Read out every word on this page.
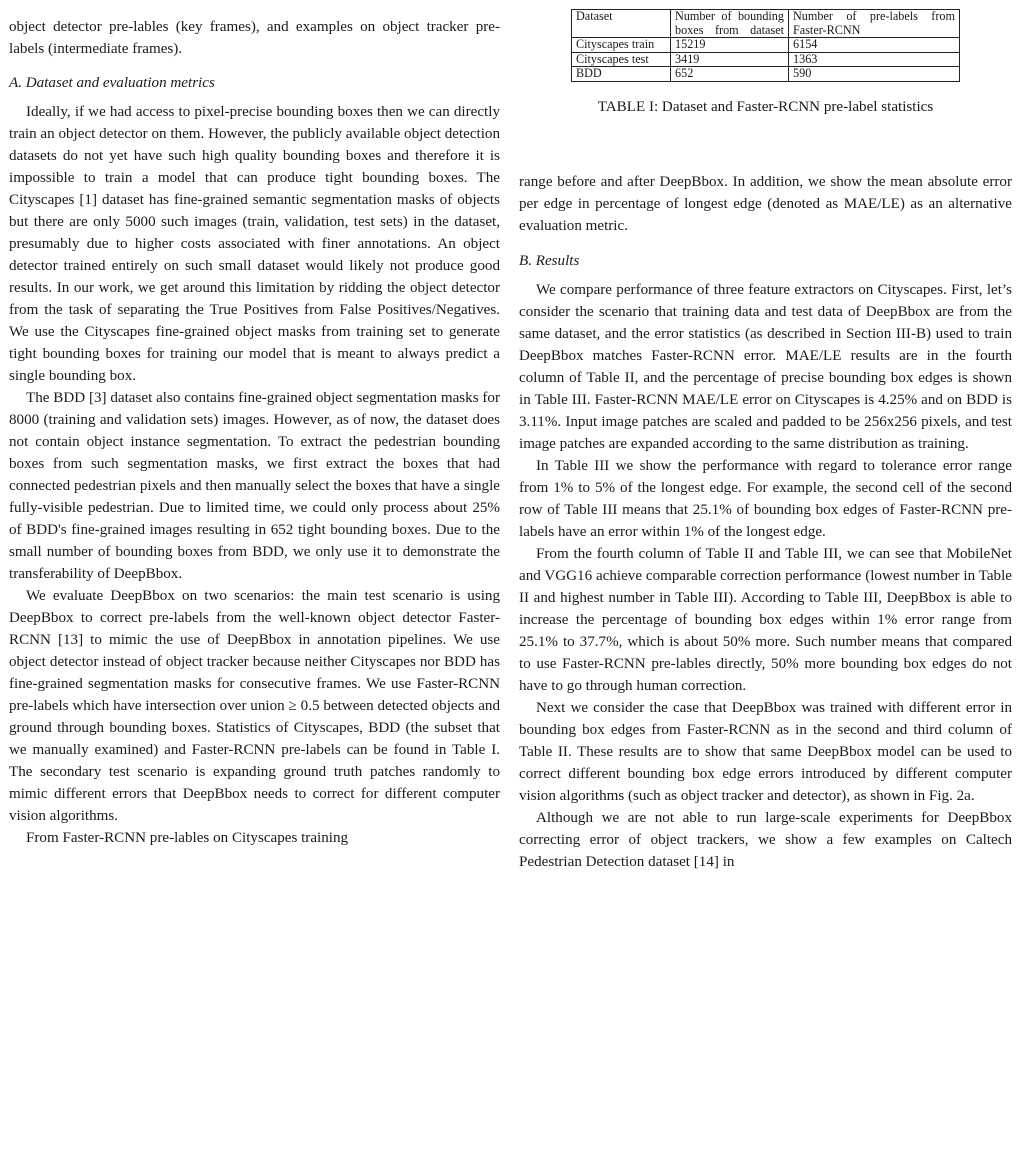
object detector pre-lables (key frames), and examples on object tracker pre-labels (intermediate frames).

A. Dataset and evaluation metrics

Ideally, if we had access to pixel-precise bounding boxes then we can directly train an object detector on them. However, the publicly available object detection datasets do not yet have such high quality bounding boxes and therefore it is impossible to train a model that can produce tight bounding boxes. The Cityscapes [1] dataset has fine-grained semantic segmentation masks of objects but there are only 5000 such images (train, validation, test sets) in the dataset, presumably due to higher costs associated with finer annotations. An object detector trained entirely on such small dataset would likely not produce good results. In our work, we get around this limitation by ridding the object detector from the task of separating the True Positives from False Positives/Negatives. We use the Cityscapes fine-grained object masks from training set to generate tight bounding boxes for training our model that is meant to always predict a single bounding box.

The BDD [3] dataset also contains fine-grained object segmentation masks for 8000 (training and validation sets) images. However, as of now, the dataset does not contain object instance segmentation. To extract the pedestrian bounding boxes from such segmentation masks, we first extract the boxes that had connected pedestrian pixels and then manually select the boxes that have a single fully-visible pedestrian. Due to limited time, we could only process about 25% of BDD's fine-grained images resulting in 652 tight bounding boxes. Due to the small number of bounding boxes from BDD, we only use it to demonstrate the transferability of DeepBbox.

We evaluate DeepBbox on two scenarios: the main test scenario is using DeepBbox to correct pre-labels from the well-known object detector Faster-RCNN [13] to mimic the use of DeepBbox in annotation pipelines. We use object detector instead of object tracker because neither Cityscapes nor BDD has fine-grained segmentation masks for consecutive frames. We use Faster-RCNN pre-labels which have intersection over union ≥ 0.5 between detected objects and ground through bounding boxes. Statistics of Cityscapes, BDD (the subset that we manually examined) and Faster-RCNN pre-labels can be found in Table I. The secondary test scenario is expanding ground truth patches randomly to mimic different errors that DeepBbox needs to correct for different computer vision algorithms.

From Faster-RCNN pre-lables on Cityscapes training

Dataset	Number of bounding boxes from dataset	Number of pre-labels from Faster-RCNN
Cityscapes train	15219	6154
Cityscapes test	3419	1363
BDD	652	590
TABLE I: Dataset and Faster-RCNN pre-label statistics

range before and after DeepBbox. In addition, we show the mean absolute error per edge in percentage of longest edge (denoted as MAE/LE) as an alternative evaluation metric.

B. Results

We compare performance of three feature extractors on Cityscapes. First, let’s consider the scenario that training data and test data of DeepBbox are from the same dataset, and the error statistics (as described in Section III-B) used to train DeepBbox matches Faster-RCNN error. MAE/LE results are in the fourth column of Table II, and the percentage of precise bounding box edges is shown in Table III. Faster-RCNN MAE/LE error on Cityscapes is 4.25% and on BDD is 3.11%. Input image patches are scaled and padded to be 256x256 pixels, and test image patches are expanded according to the same distribution as training.

In Table III we show the performance with regard to tolerance error range from 1% to 5% of the longest edge. For example, the second cell of the second row of Table III means that 25.1% of bounding box edges of Faster-RCNN pre-labels have an error within 1% of the longest edge.

From the fourth column of Table II and Table III, we can see that MobileNet and VGG16 achieve comparable correction performance (lowest number in Table II and highest number in Table III). According to Table III, DeepBbox is able to increase the percentage of bounding box edges within 1% error range from 25.1% to 37.7%, which is about 50% more. Such number means that compared to use Faster-RCNN pre-lables directly, 50% more bounding box edges do not have to go through human correction.

Next we consider the case that DeepBbox was trained with different error in bounding box edges from Faster-RCNN as in the second and third column of Table II. These results are to show that same DeepBbox model can be used to correct different bounding box edge errors introduced by different computer vision algorithms (such as object tracker and detector), as shown in Fig. 2a.

Although we are not able to run large-scale experiments for DeepBbox correcting error of object trackers, we show a few examples on Caltech Pedestrian Detection dataset [14] in
